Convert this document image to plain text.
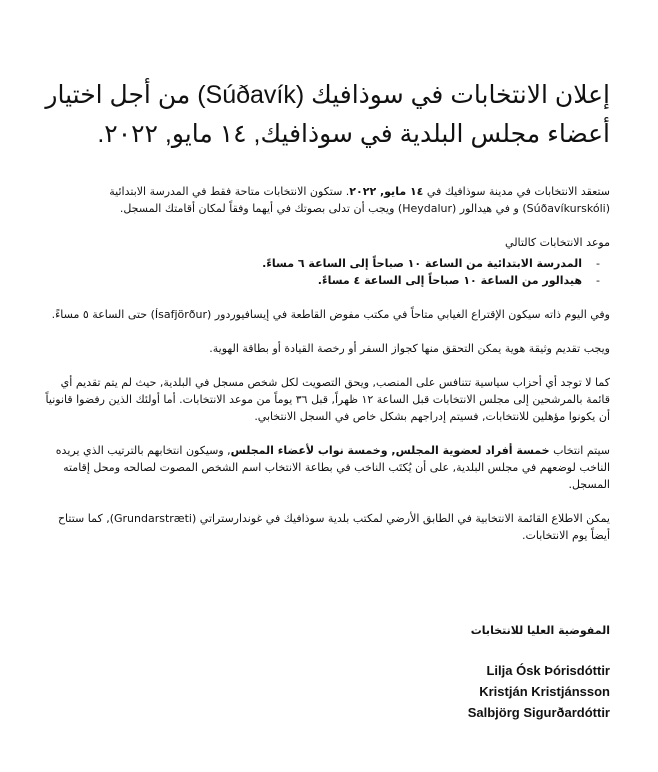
إعلان الانتخابات في سوذافيك (Súðavík) من أجل اختيار
أعضاء مجلس البلدية في سوذافيك, ١٤ مايو, ٢٠٢٢.

ستعقد الانتخابات في مدينة سوذافيك في ١٤ مايو, ٢٠٢٢. ستكون الانتخابات متاحة فقط في المدرسة الابتدائية (Súðavíkurskóli) و في هيدالور (Heydalur) ويجب أن تدلى بصوتك في أيهما وفقاً لمكان أقامتك المسجل.

موعد الانتخابات كالتالي

- المدرسة الابتدائية من الساعة ١٠ صباحاً إلى الساعة ٦ مساءً.
- هيدالور من الساعة ١٠ صباحاً إلى الساعة ٤ مساءً.

وفي اليوم ذاته سيكون الإقتراع الغيابي متاحاً في مكتب مفوض القاطعة في إيسافيوردور (Ísafjörður) حتى الساعة ٥ مساءً.

ويجب تقديم وثيقة هوية يمكن التحقق منها كجواز السفر أو رخصة القيادة أو بطاقة الهوية.

كما لا توجد أي أحزاب سياسية تتنافس على المنصب, ويحق التصويت لكل شخص مسجل في البلدية, حيث لم يتم تقديم أي قائمة بالمرشحين إلى مجلس الانتخابات قبل الساعة ١٢ ظهراً, قبل ٣٦ يوماً من موعد الانتخابات. أما أولئك الذين رفضوا قانونياً أن يكونوا مؤهلين للانتخابات, فسيتم إدراجهم بشكل خاص في السجل الانتخابي.

سيتم انتخاب خمسة أفراد لعضوية المجلس, وخمسة نواب لأعضاء المجلس, وسيكون انتخابهم بالترتيب الذي يريده الناخب لوضعهم في مجلس البلدية, على أن يُكتَب الناخب في بطاعة الانتخاب اسم الشخص المصوت لصالحه ومحل إقامته المسجل.

يمكن الاطلاع القائمة الانتخابية في الطابق الأرضي لمكتب بلدية سوذافيك في غوندارستراتي (Grundarstræti), كما ستتاح أيضاً يوم الانتخابات.

المفوضية العليا للانتخابات
Lilja Ósk Þórisdóttir
Kristján Kristjánsson
Salbjörg Sigurðardóttir
